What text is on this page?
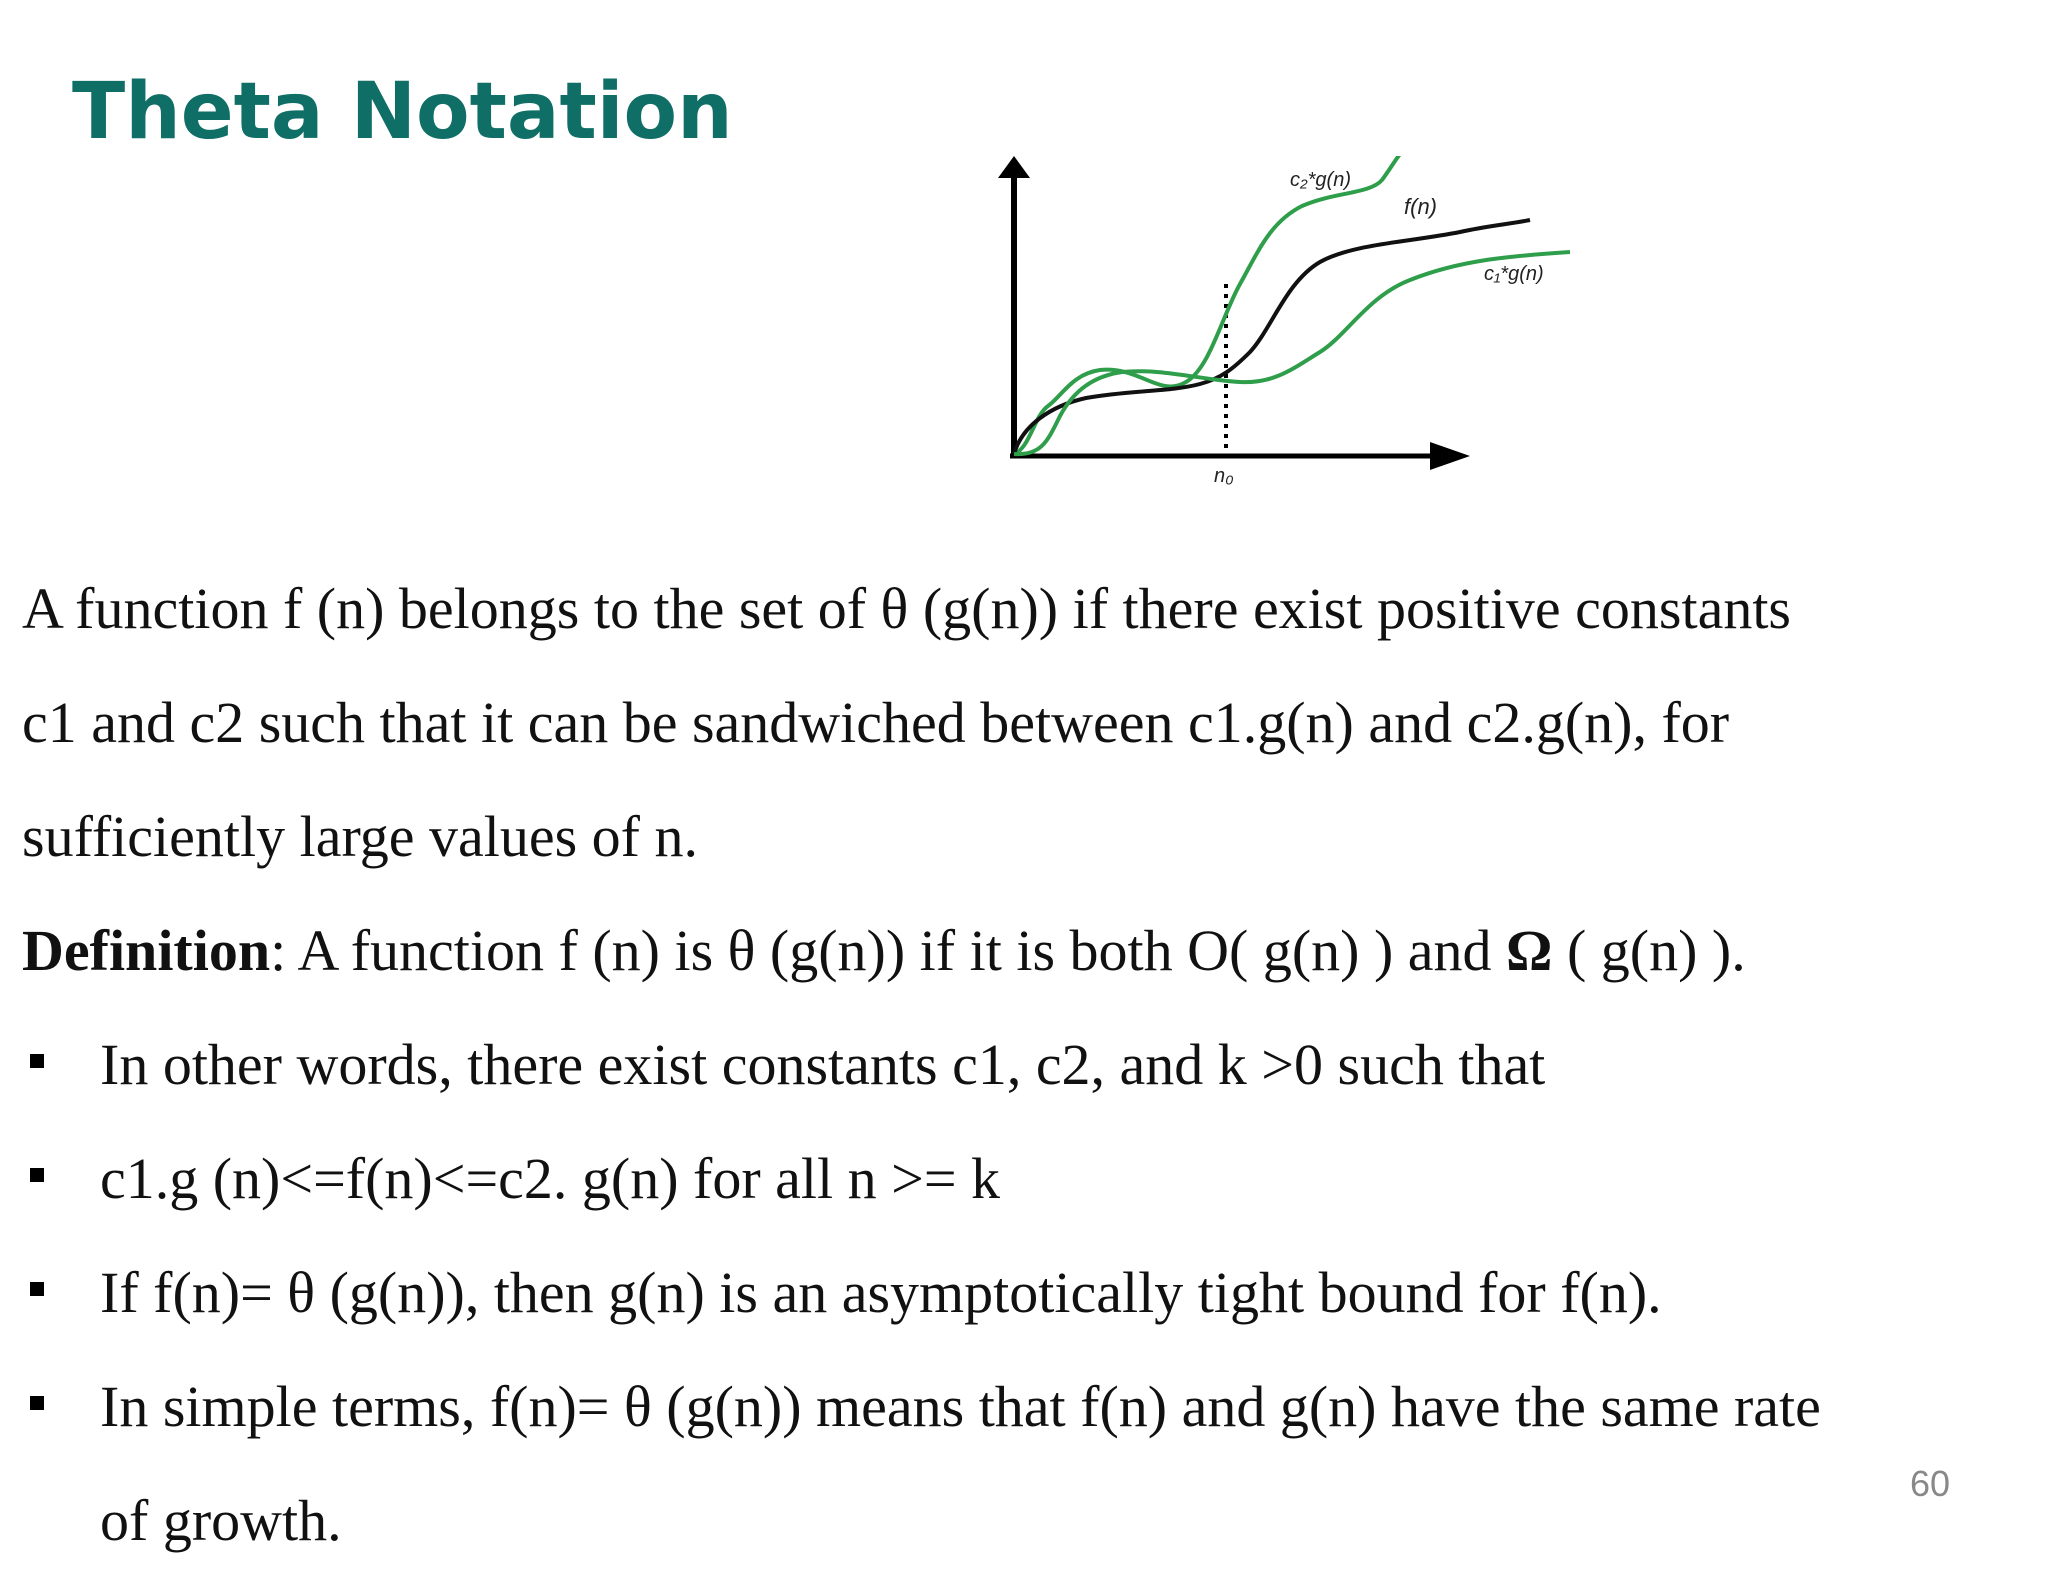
Theta Notation
c₂*g(n)
f(n)
c₁*g(n)
n₀

A function f (n) belongs to the set of θ (g(n)) if there exist positive constants

c1 and c2 such that it can be sandwiched between c1.g(n) and c2.g(n), for

sufficiently large values of n.

Definition: A function f (n) is θ (g(n)) if it is both O( g(n) ) and Ω ( g(n) ).

In other words, there exist constants c1, c2, and k >0 such that
c1.g (n)<=f(n)<=c2. g(n) for all n >= k
If f(n)= θ (g(n)), then g(n) is an asymptotically tight bound for f(n).
In simple terms, f(n)= θ (g(n)) means that f(n) and g(n) have the same rate
of growth.
60
